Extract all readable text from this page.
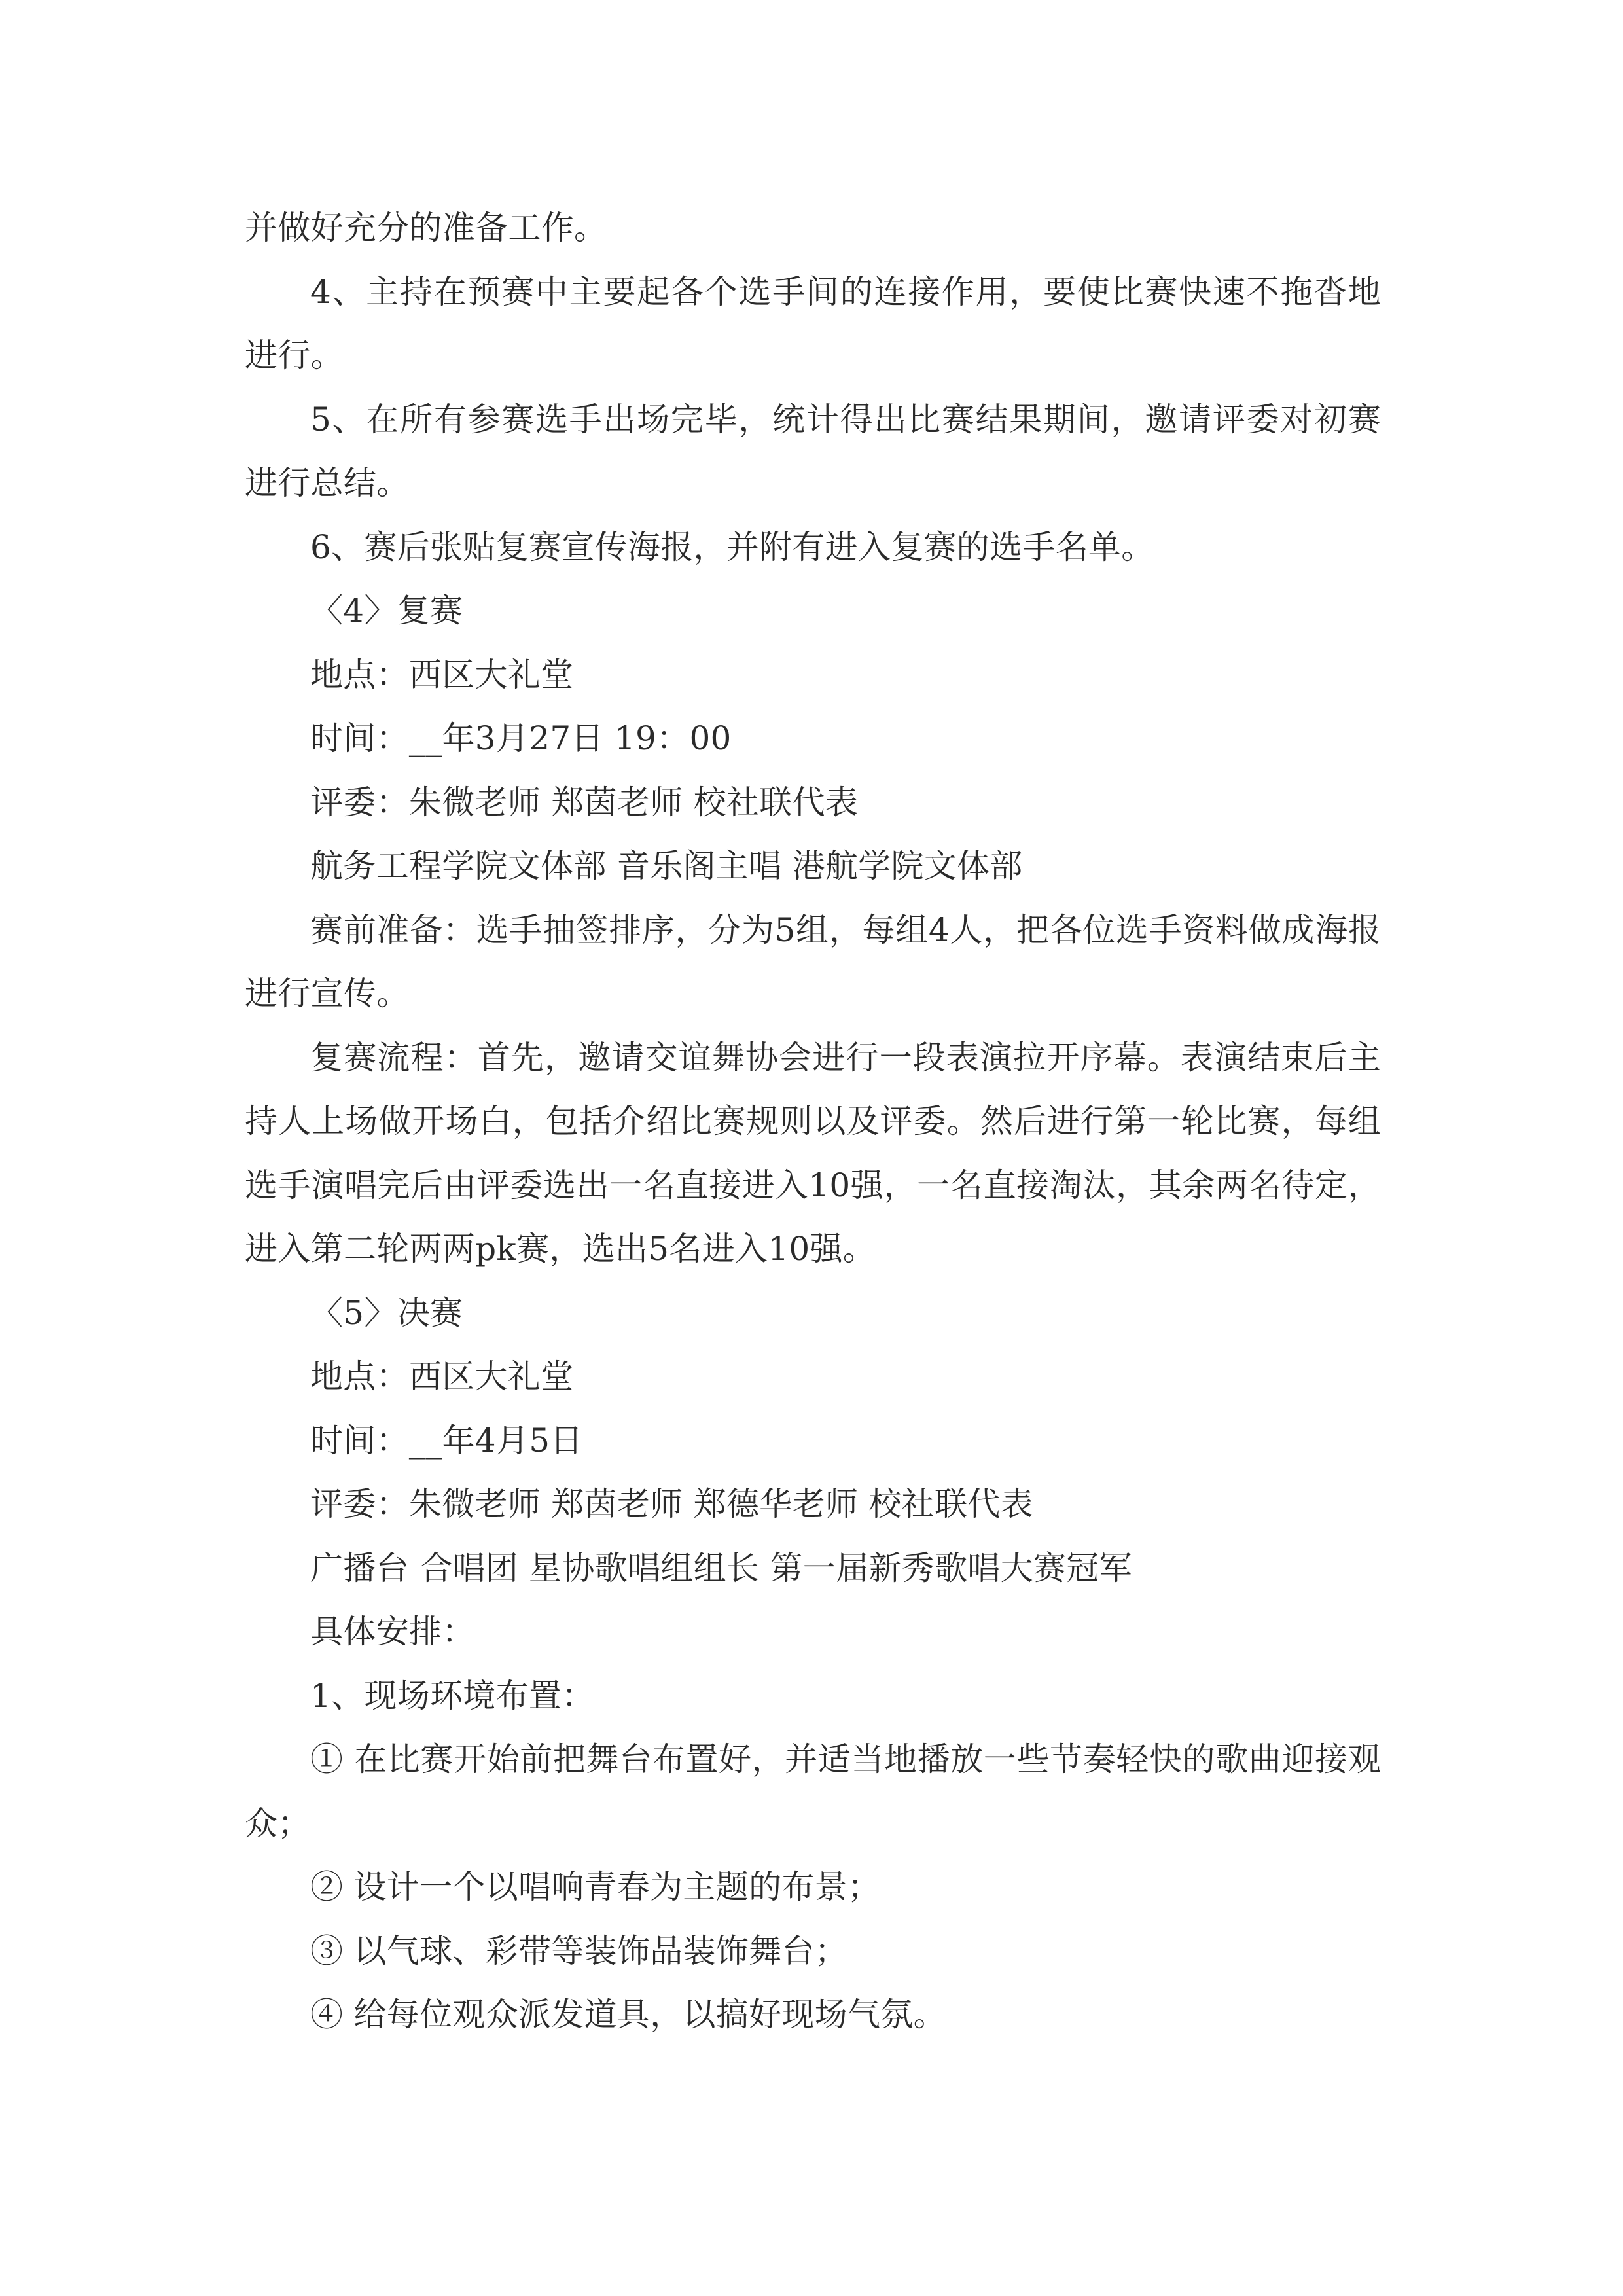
并做好充分的准备工作。

4、主持在预赛中主要起各个选手间的连接作用，要使比赛快速不拖沓地进行。

5、在所有参赛选手出场完毕，统计得出比赛结果期间，邀请评委对初赛进行总结。

6、赛后张贴复赛宣传海报，并附有进入复赛的选手名单。

〈4〉复赛

地点：西区大礼堂

时间：__年3月27日 19：00

评委：朱微老师 郑茵老师 校社联代表

航务工程学院文体部 音乐阁主唱 港航学院文体部

赛前准备：选手抽签排序，分为5组，每组4人，把各位选手资料做成海报进行宣传。

复赛流程：首先，邀请交谊舞协会进行一段表演拉开序幕。表演结束后主持人上场做开场白，包括介绍比赛规则以及评委。然后进行第一轮比赛，每组选手演唱完后由评委选出一名直接进入10强，一名直接淘汰，其余两名待定，进入第二轮两两pk赛，选出5名进入10强。

〈5〉决赛

地点：西区大礼堂

时间：__年4月5日

评委：朱微老师 郑茵老师 郑德华老师 校社联代表

广播台 合唱团 星协歌唱组组长 第一届新秀歌唱大赛冠军

具体安排：

1、现场环境布置：

① 在比赛开始前把舞台布置好，并适当地播放一些节奏轻快的歌曲迎接观众；

② 设计一个以唱响青春为主题的布景；

③ 以气球、彩带等装饰品装饰舞台；

④ 给每位观众派发道具，以搞好现场气氛。
